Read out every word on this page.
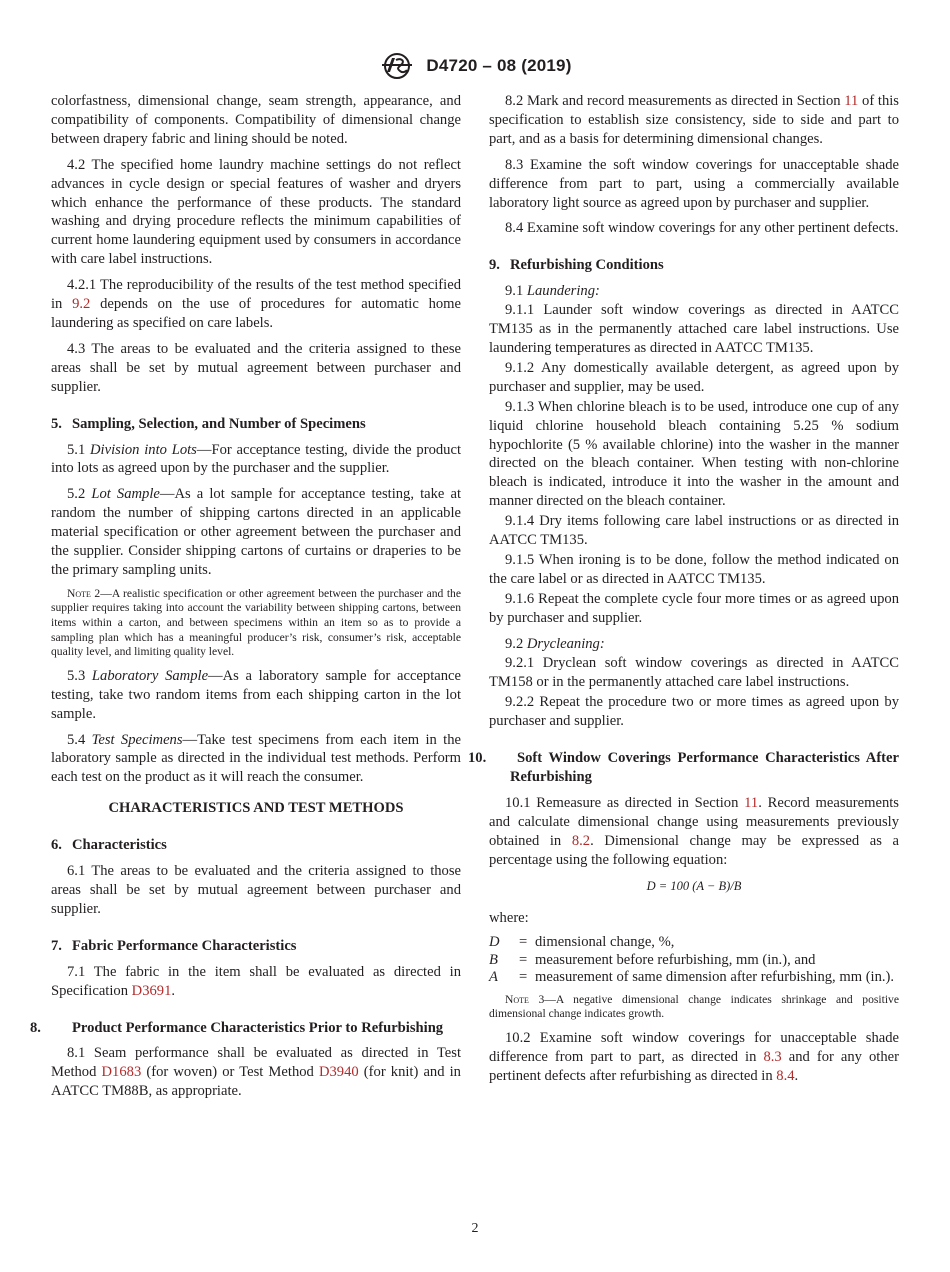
D4720 – 08 (2019)

colorfastness, dimensional change, seam strength, appearance, and compatibility of components. Compatibility of dimensional change between drapery fabric and lining should be noted.

4.2 The specified home laundry machine settings do not reflect advances in cycle design or special features of washer and dryers which enhance the performance of these products. The standard washing and drying procedure reflects the minimum capabilities of current home laundering equipment used by consumers in accordance with care label instructions.

4.2.1 The reproducibility of the results of the test method specified in 9.2 depends on the use of procedures for automatic home laundering as specified on care labels.

4.3 The areas to be evaluated and the criteria assigned to these areas shall be set by mutual agreement between purchaser and supplier.

5. Sampling, Selection, and Number of Specimens

5.1 Division into Lots—For acceptance testing, divide the product into lots as agreed upon by the purchaser and the supplier.

5.2 Lot Sample—As a lot sample for acceptance testing, take at random the number of shipping cartons directed in an applicable material specification or other agreement between the purchaser and the supplier. Consider shipping cartons of curtains or draperies to be the primary sampling units.

Note 2—A realistic specification or other agreement between the purchaser and the supplier requires taking into account the variability between shipping cartons, between items within a carton, and between specimens within an item so as to provide a sampling plan which has a meaningful producer’s risk, consumer’s risk, acceptable quality level, and limiting quality level.

5.3 Laboratory Sample—As a laboratory sample for acceptance testing, take two random items from each shipping carton in the lot sample.

5.4 Test Specimens—Take test specimens from each item in the laboratory sample as directed in the individual test methods. Perform each test on the product as it will reach the consumer.

CHARACTERISTICS AND TEST METHODS
6. Characteristics

6.1 The areas to be evaluated and the criteria assigned to those areas shall be set by mutual agreement between purchaser and supplier.

7. Fabric Performance Characteristics

7.1 The fabric in the item shall be evaluated as directed in Specification D3691.

8. Product Performance Characteristics Prior to Refurbishing

8.1 Seam performance shall be evaluated as directed in Test Method D1683 (for woven) or Test Method D3940 (for knit) and in AATCC TM88B, as appropriate.

8.2 Mark and record measurements as directed in Section 11 of this specification to establish size consistency, side to side and part to part, and as a basis for determining dimensional changes.

8.3 Examine the soft window coverings for unacceptable shade difference from part to part, using a commercially available laboratory light source as agreed upon by purchaser and supplier.

8.4 Examine soft window coverings for any other pertinent defects.

9. Refurbishing Conditions

9.1 Laundering:

9.1.1 Launder soft window coverings as directed in AATCC TM135 as in the permanently attached care label instructions. Use laundering temperatures as directed in AATCC TM135.

9.1.2 Any domestically available detergent, as agreed upon by purchaser and supplier, may be used.

9.1.3 When chlorine bleach is to be used, introduce one cup of any liquid chlorine household bleach containing 5.25 % sodium hypochlorite (5 % available chlorine) into the washer in the manner directed on the bleach container. When testing with non-chlorine bleach is indicated, introduce it into the washer in the amount and manner directed on the bleach container.

9.1.4 Dry items following care label instructions or as directed in AATCC TM135.

9.1.5 When ironing is to be done, follow the method indicated on the care label or as directed in AATCC TM135.

9.1.6 Repeat the complete cycle four more times or as agreed upon by purchaser and supplier.

9.2 Drycleaning:

9.2.1 Dryclean soft window coverings as directed in AATCC TM158 or in the permanently attached care label instructions.

9.2.2 Repeat the procedure two or more times as agreed upon by purchaser and supplier.

10. Soft Window Coverings Performance Characteristics After Refurbishing

10.1 Remeasure as directed in Section 11. Record measurements and calculate dimensional change using measurements previously obtained in 8.2. Dimensional change may be expressed as a percentage using the following equation:

D = 100 (A − B)/B

where:

D	= dimensional change, %,
B	= measurement before refurbishing, mm (in.), and
A	= measurement of same dimension after refurbishing, mm (in.).
Note 3—A negative dimensional change indicates shrinkage and positive dimensional change indicates growth.

10.2 Examine soft window coverings for unacceptable shade difference from part to part, as directed in 8.3 and for any other pertinent defects after refurbishing as directed in 8.4.

2
